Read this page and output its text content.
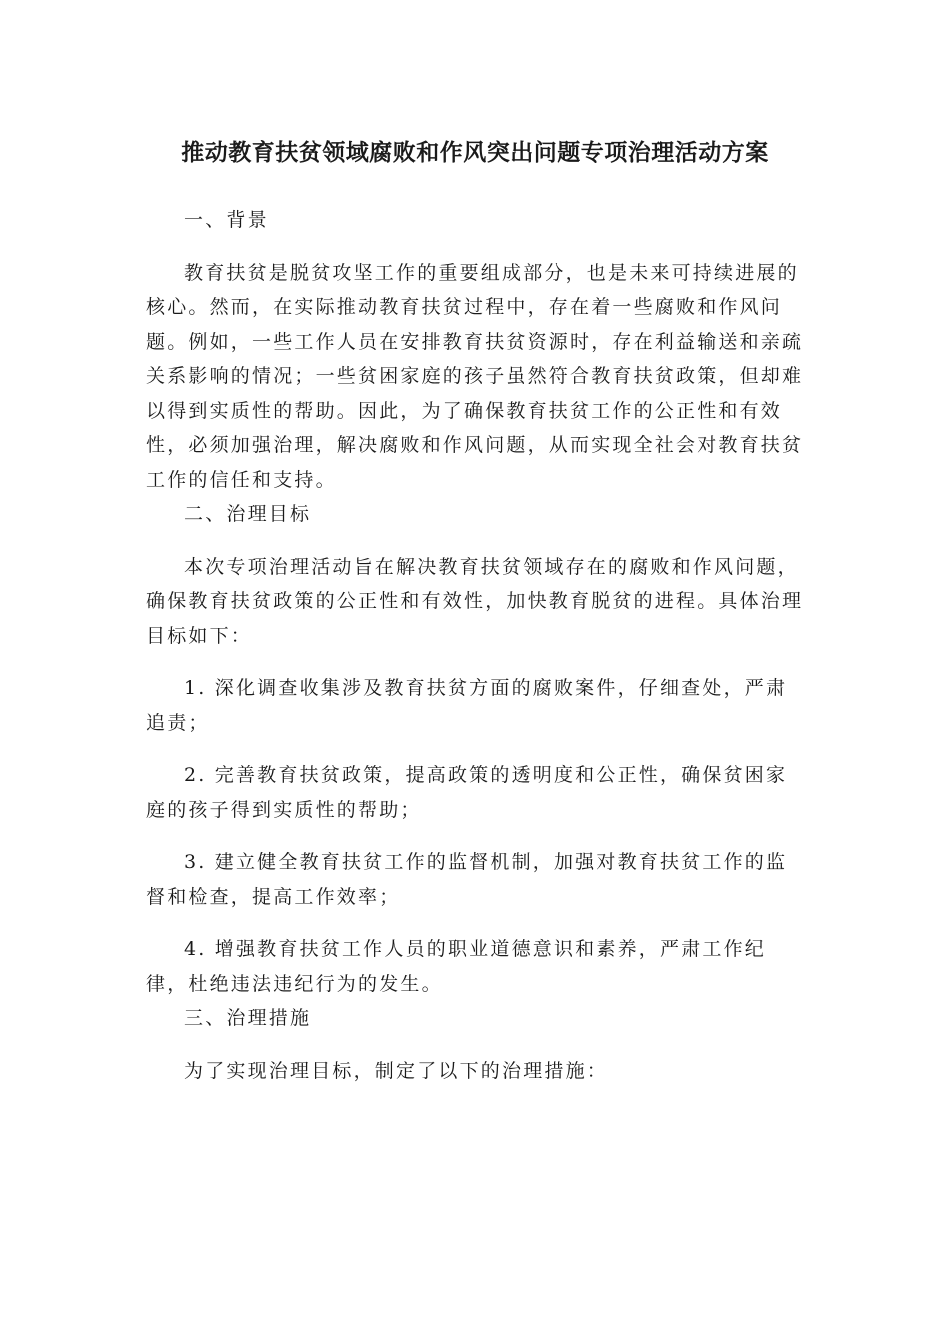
推动教育扶贫领域腐败和作风突出问题专项治理活动方案

一、背景

教育扶贫是脱贫攻坚工作的重要组成部分，也是未来可持续进展的核心。然而，在实际推动教育扶贫过程中，存在着一些腐败和作风问题。例如，一些工作人员在安排教育扶贫资源时，存在利益输送和亲疏关系影响的情况；一些贫困家庭的孩子虽然符合教育扶贫政策，但却难以得到实质性的帮助。因此，为了确保教育扶贫工作的公正性和有效性，必须加强治理，解决腐败和作风问题，从而实现全社会对教育扶贫工作的信任和支持。

二、治理目标

本次专项治理活动旨在解决教育扶贫领域存在的腐败和作风问题，确保教育扶贫政策的公正性和有效性，加快教育脱贫的进程。具体治理目标如下：

1. 深化调查收集涉及教育扶贫方面的腐败案件，仔细查处，严肃追责；

2. 完善教育扶贫政策，提高政策的透明度和公正性，确保贫困家庭的孩子得到实质性的帮助；

3. 建立健全教育扶贫工作的监督机制，加强对教育扶贫工作的监督和检查，提高工作效率；

4. 增强教育扶贫工作人员的职业道德意识和素养，严肃工作纪律，杜绝违法违纪行为的发生。

三、治理措施

为了实现治理目标，制定了以下的治理措施：
